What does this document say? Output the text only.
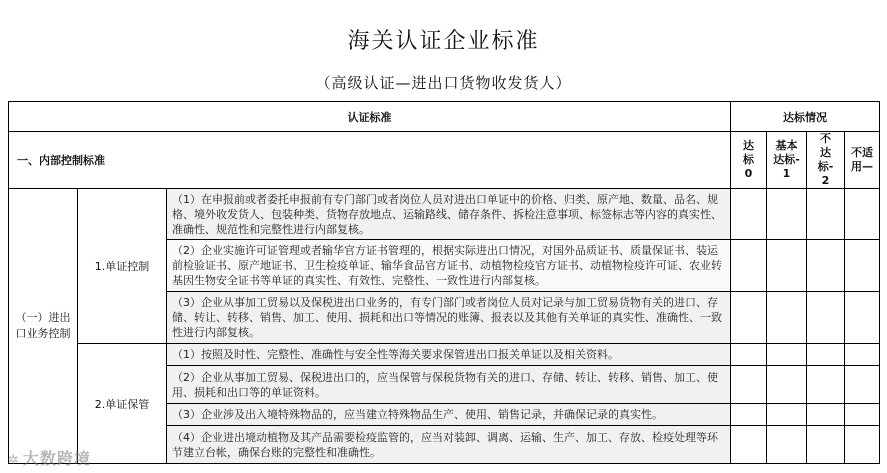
海关认证企业标准
（高级认证—进出口货物收发货人）
认证标准			达标情况			
一、内部控制标准			达标0	基本达标-1	不达标-2	不适用—
（一）进出口业务控制	1.单证控制	（1）在申报前或者委托申报前有专门部门或者岗位人员对进出口单证中的价格、归类、原产地、数量、品名、规格、境外收发货人、包装种类、货物存放地点、运输路线、储存条件、拆检注意事项、标签标志等内容的真实性、准确性、规范性和完整性进行内部复核。				
		（2）企业实施许可证管理或者输华官方证书管理的，根据实际进出口情况，对国外品质证书、质量保证书、装运前检验证书、原产地证书、卫生检疫单证、输华食品官方证书、动植物检疫官方证书、动植物检疫许可证、农业转基因生物安全证书等单证的真实性、有效性、完整性、一致性进行内部复核。				
		（3）企业从事加工贸易以及保税进出口业务的，有专门部门或者岗位人员对记录与加工贸易货物有关的进口、存储、转让、转移、销售、加工、使用、损耗和出口等情况的账簿、报表以及其他有关单证的真实性、准确性、一致性进行内部复核。				
	2.单证保管	（1）按照及时性、完整性、准确性与安全性等海关要求保管进出口报关单证以及相关资料。				
		（2）企业从事加工贸易、保税进出口的，应当保管与保税货物有关的进口、存储、转让、转移、销售、加工、使用、损耗和出口等的单证资料。				
		（3）企业涉及出入境特殊物品的，应当建立特殊物品生产、使用、销售记录，并确保记录的真实性。				
		（4）企业进出境动植物及其产品需要检疫监管的，应当对装卸、调离、运输、生产、加工、存放、检疫处理等环节建立台帐，确保台账的完整性和准确性。				
✲ 大数跨境
